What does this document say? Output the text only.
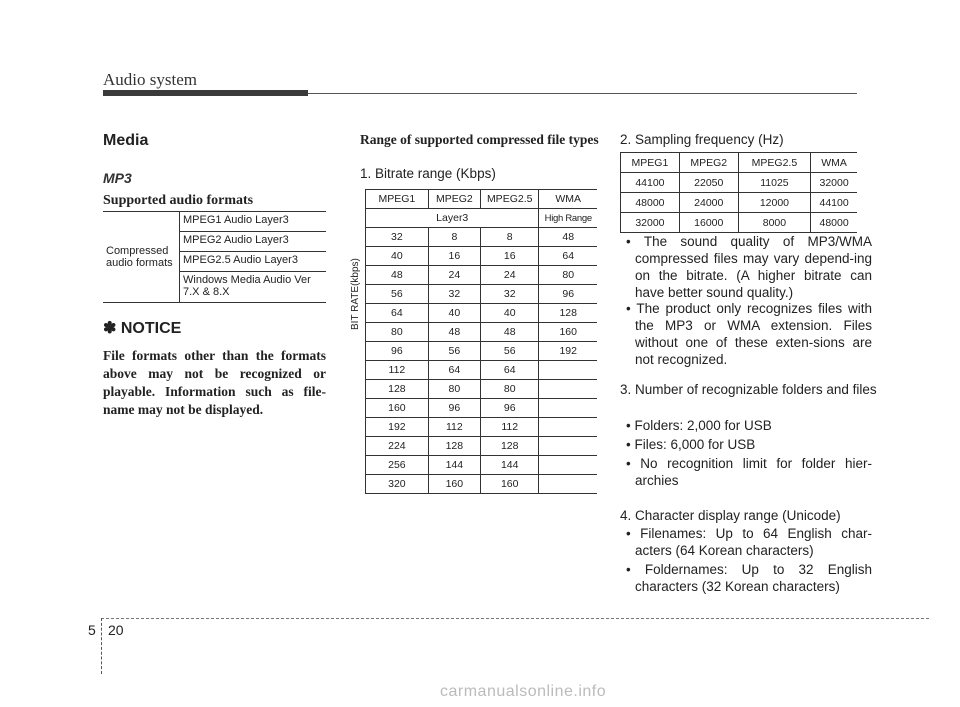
Audio system
Media
MP3
Supported audio formats
Compressed audio formats	MPEG1 Audio Layer3
MPEG2 Audio Layer3
MPEG2.5 Audio Layer3
Windows Media Audio Ver 7.X & 8.X
✽ NOTICE
File formats other than the formats above may not be recognized or playable. Information such as file-name may not be displayed.
Range of supported compressed file types
1. Bitrate range (Kbps)
BIT RATE(kbps)
MPEG1	MPEG2	MPEG2.5	WMA
Layer3			High Range
32	8	8	48
40	16	16	64
48	24	24	80
56	32	32	96
64	40	40	128
80	48	48	160
96	56	56	192
112	64	64	
128	80	80	
160	96	96	
192	112	112	
224	128	128	
256	144	144	
320	160	160	
2. Sampling frequency (Hz)
MPEG1	MPEG2	MPEG2.5	WMA
44100	22050	11025	32000
48000	24000	12000	44100
32000	16000	8000	48000
• The sound quality of MP3/WMA compressed files may vary depend-ing on the bitrate. (A higher bitrate can have better sound quality.)
• The product only recognizes files with the MP3 or WMA extension. Files without one of these exten-sions are not recognized.
3. Number of recognizable folders and files
• Folders: 2,000 for USB
• Files: 6,000 for USB
• No recognition limit for folder hier-archies
4. Character display range (Unicode)
• Filenames: Up to 64 English char-acters (64 Korean characters)
• Foldernames: Up to 32 English characters (32 Korean characters)
5 20
carmanualsonline.info
